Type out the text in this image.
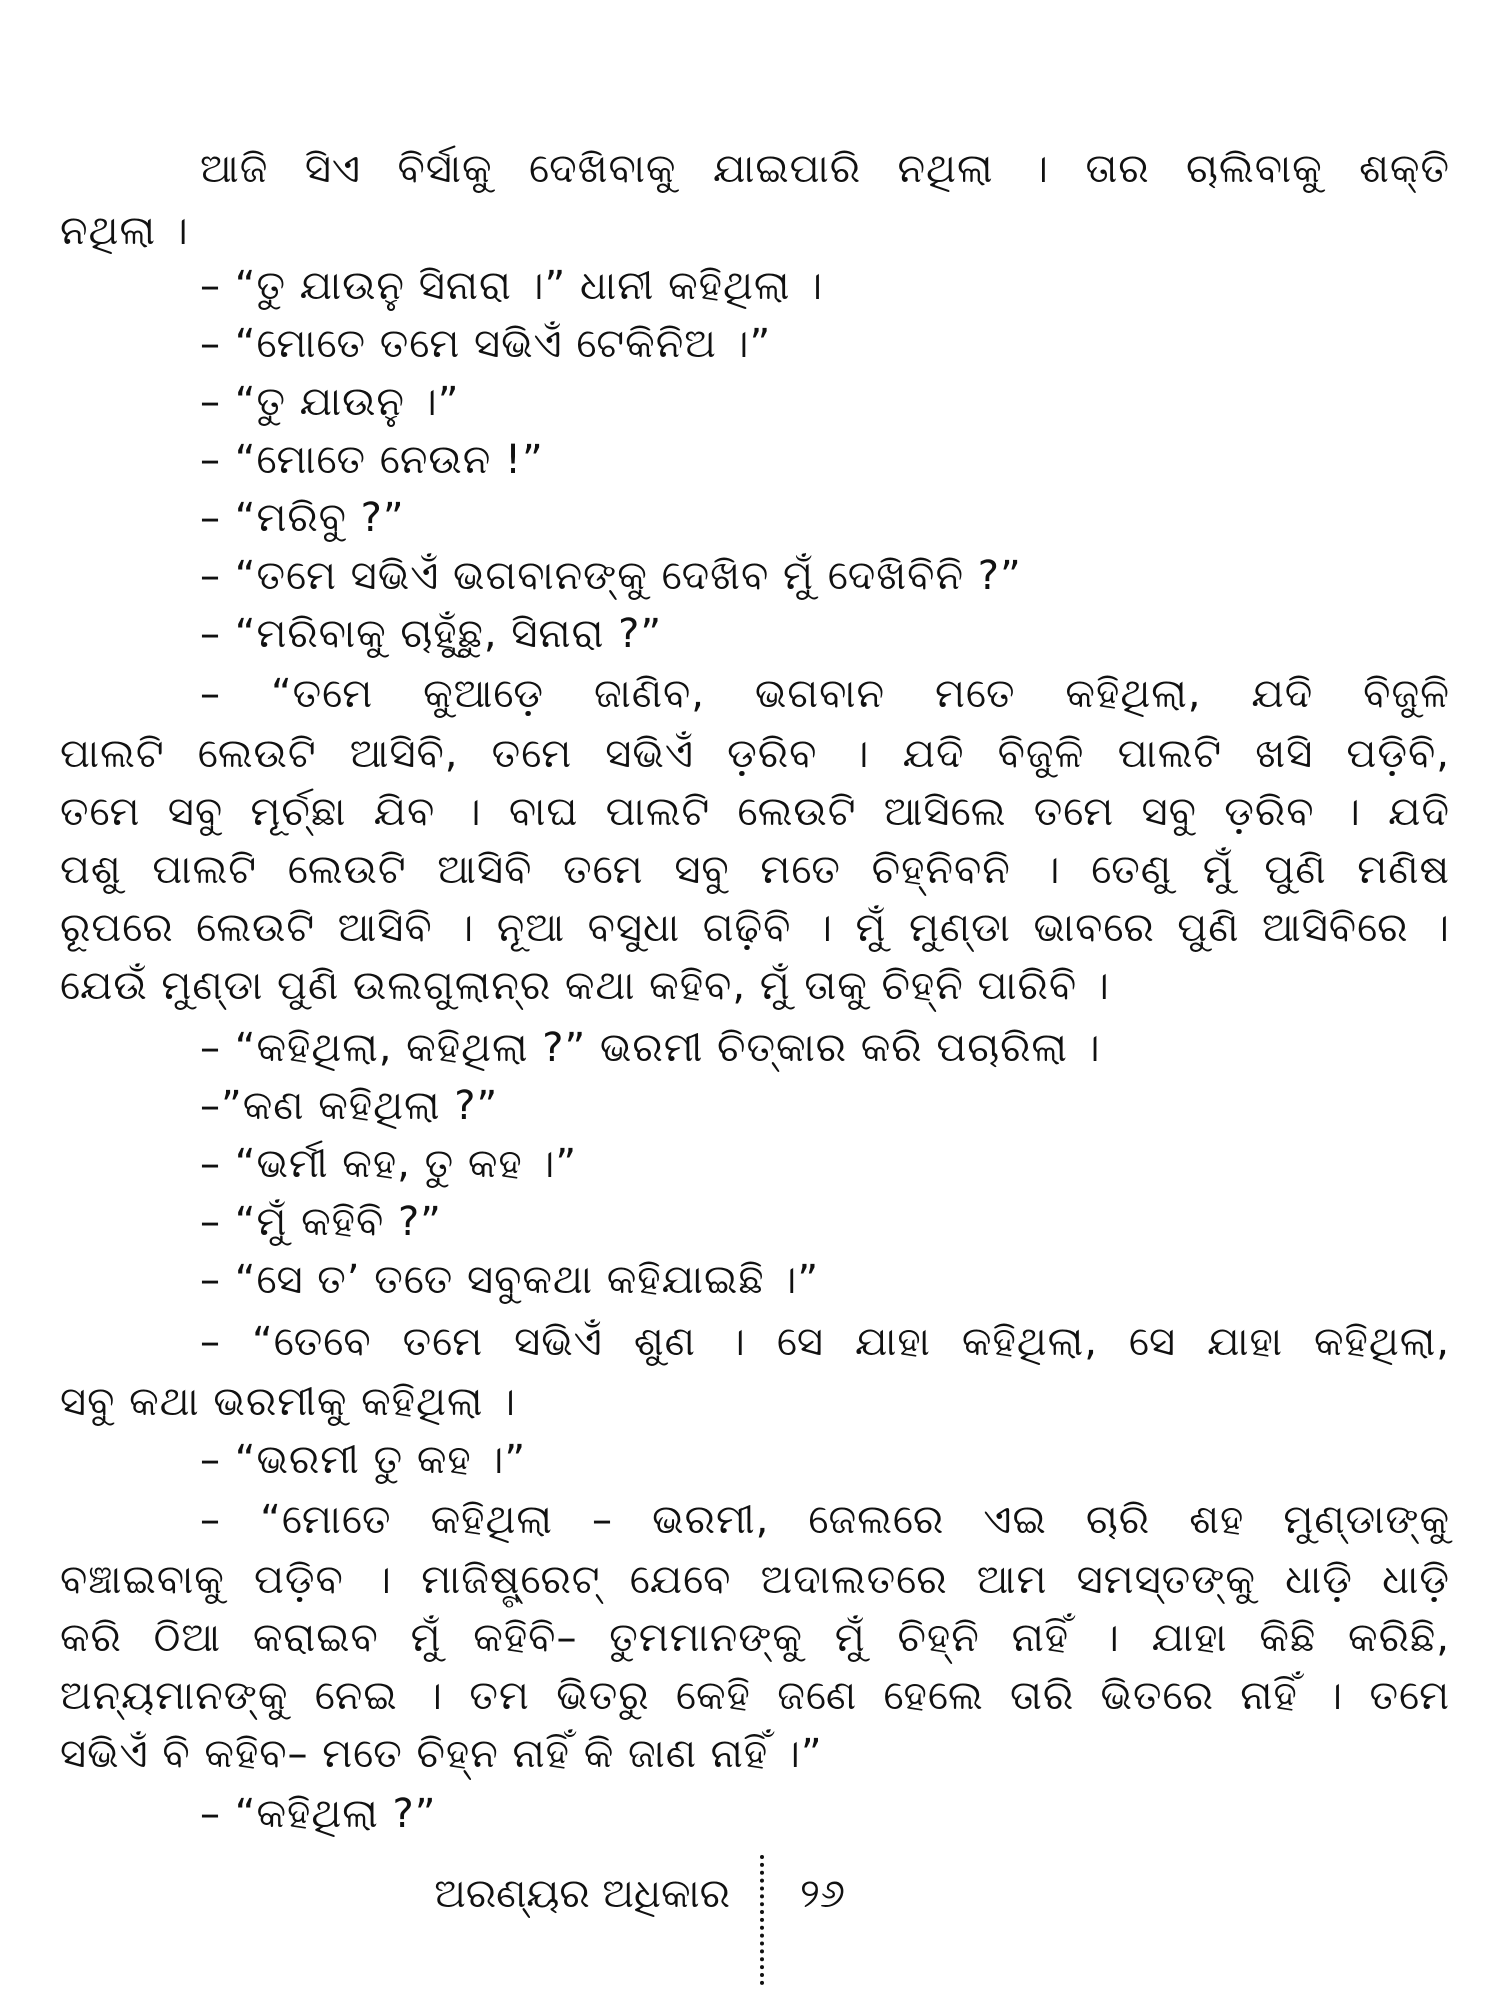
ଆଜି ସିଏ ବିର୍ସାକୁ ଦେଖିବାକୁ ଯାଇପାରି ନଥିଲା । ତାର ଚାଲିବାକୁ ଶକ୍ତି
ନଥିଲା ।
– “ତୁ ଯାଉନୁ ସିନାରା ।” ଧାନୀ କହିଥିଲା ।
– “ମୋତେ ତମେ ସଭିଏଁ ଟେକିନିଅ ।”
– “ତୁ ଯାଉନୁ ।”
– “ମୋତେ ନେଉନ !”
– “ମରିବୁ ?”
– “ତମେ ସଭିଏଁ ଭଗବାନଙ୍କୁ ଦେଖିବ ମୁଁ ଦେଖିବିନି ?”
– “ମରିବାକୁ ଚାହୁଁଛୁ, ସିନାରା ?”
– “ତମେ କୁଆଡ଼େ ଜାଣିବ, ଭଗବାନ ମତେ କହିଥିଲା, ଯଦି ବିଜୁଳି
ପାଲଟି ଲେଉଟି ଆସିବି, ତମେ ସଭିଏଁ ଡ଼ରିବ । ଯଦି ବିଜୁଳି ପାଲଟି ଖସି ପଡ଼ିବି,
ତମେ ସବୁ ମୂର୍ଚ୍ଛା ଯିବ । ବାଘ ପାଲଟି ଲେଉଟି ଆସିଲେ ତମେ ସବୁ ଡ଼ରିବ । ଯଦି
ପଶୁ ପାଲଟି ଲେଉଟି ଆସିବି ତମେ ସବୁ ମତେ ଚିହ୍ନିବନି । ତେଣୁ ମୁଁ ପୁଣି ମଣିଷ
ରୂପରେ ଲେଉଟି ଆସିବି । ନୂଆ ବସୁଧା ଗଢ଼ିବି । ମୁଁ ମୁଣ୍ଡା ଭାବରେ ପୁଣି ଆସିବିରେ ।
ଯେଉଁ ମୁଣ୍ଡା ପୁଣି ଉଲଗୁଲାନ୍‌ର କଥା କହିବ, ମୁଁ ତାକୁ ଚିହ୍ନି ପାରିବି ।
– “କହିଥିଲା, କହିଥିଲା ?” ଭରମୀ ଚିତ୍କାର କରି ପଚାରିଲା ।
–”କଣ କହିଥିଲା ?”
– “ଭର୍ମୀ କହ, ତୁ କହ ।”
– “ମୁଁ କହିବି ?”
– “ସେ ତ’ ତତେ ସବୁକଥା କହିଯାଇଛି ।”
– “ତେବେ ତମେ ସଭିଏଁ ଶୁଣ । ସେ ଯାହା କହିଥିଲା, ସେ ଯାହା କହିଥିଲା,
ସବୁ କଥା ଭରମୀକୁ କହିଥିଲା ।
– “ଭରମୀ ତୁ କହ ।”
– “ମୋତେ କହିଥିଲା – ଭରମୀ, ଜେଲରେ ଏଇ ଚାରି ଶହ ମୁଣ୍ଡାଙ୍କୁ
ବଞ୍ଚାଇବାକୁ ପଡ଼ିବ । ମାଜିଷ୍ଟ୍ରେଟ୍ ଯେବେ ଅଦାଲତରେ ଆମ ସମସ୍ତଙ୍କୁ ଧାଡ଼ି ଧାଡ଼ି
କରି ଠିଆ କରାଇବ ମୁଁ କହିବି– ତୁମମାନଙ୍କୁ ମୁଁ ଚିହ୍ନି ନାହିଁ । ଯାହା କିଛି କରିଛି,
ଅନ୍ୟମାନଙ୍କୁ ନେଇ । ତମ ଭିତରୁ କେହି ଜଣେ ହେଲେ ତାରି ଭିତରେ ନାହିଁ । ତମେ
ସଭିଏଁ ବି କହିବ– ମତେ ଚିହ୍ନ ନାହିଁ କି ଜାଣ ନାହିଁ ।”
– “କହିଥିଲା ?”
ଅରଣ୍ୟର ଅଧିକାର ୨୬
